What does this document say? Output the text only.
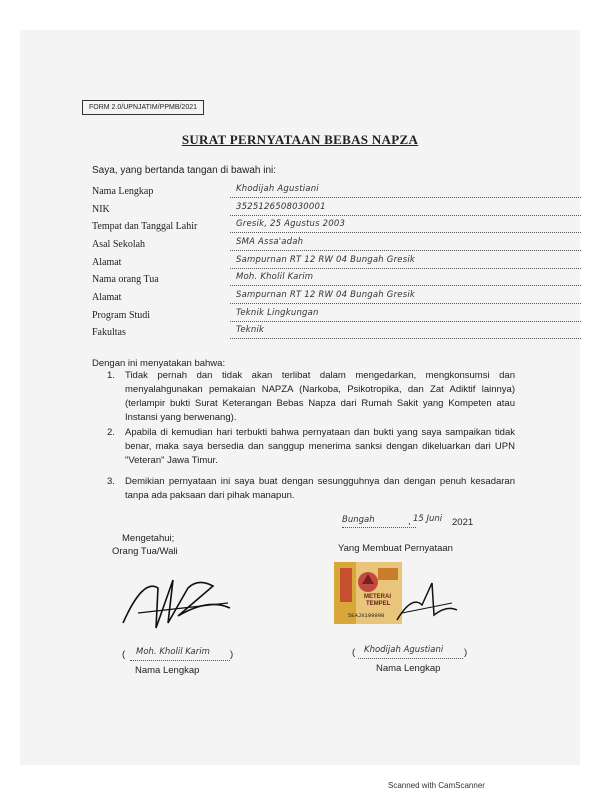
FORM 2.0/UPNJATIM/PPMB/2021
SURAT PERNYATAAN BEBAS NAPZA
Saya, yang bertanda tangan di bawah ini:
Nama Lengkap	Khodijah Agustiani
NIK	3525126508030001
Tempat dan Tanggal Lahir	Gresik, 25 Agustus 2003
Asal Sekolah	SMA Assa'adah
Alamat	Sampurnan RT 12 RW 04 Bungah Gresik
Nama orang Tua	Moh. Kholil Karim
Alamat	Sampurnan RT 12 RW 04 Bungah Gresik
Program Studi	Teknik Lingkungan
Fakultas	Teknik
Dengan ini menyatakan bahwa:
1. Tidak pernah dan tidak akan terlibat dalam mengedarkan, mengkonsumsi dan menyalahgunakan pemakaian NAPZA (Narkoba, Psikotropika, dan Zat Adiktif lainnya) (terlampir bukti Surat Keterangan Bebas Napza dari Rumah Sakit yang Kompeten atau Instansi yang berwenang).
2. Apabila di kemudian hari terbukti bahwa pernyataan dan bukti yang saya sampaikan tidak benar, maka saya bersedia dan sanggup menerima sanksi dengan dikeluarkan dari UPN "Veteran" Jawa Timur.
3. Demikian pernyataan ini saya buat dengan sesungguhnya dan dengan penuh kesadaran tanpa ada paksaan dari pihak manapun.
Bungah	, 15 Juni 2021
Mengetahui;
Orang Tua/Wali
( Moh. Kholil Karim )
Nama Lengkap
Yang Membuat Pernyataan
METERAI
TEMPEL
5EAJX199998
( Khodijah Agustiani )
Nama Lengkap
Scanned with CamScanner
